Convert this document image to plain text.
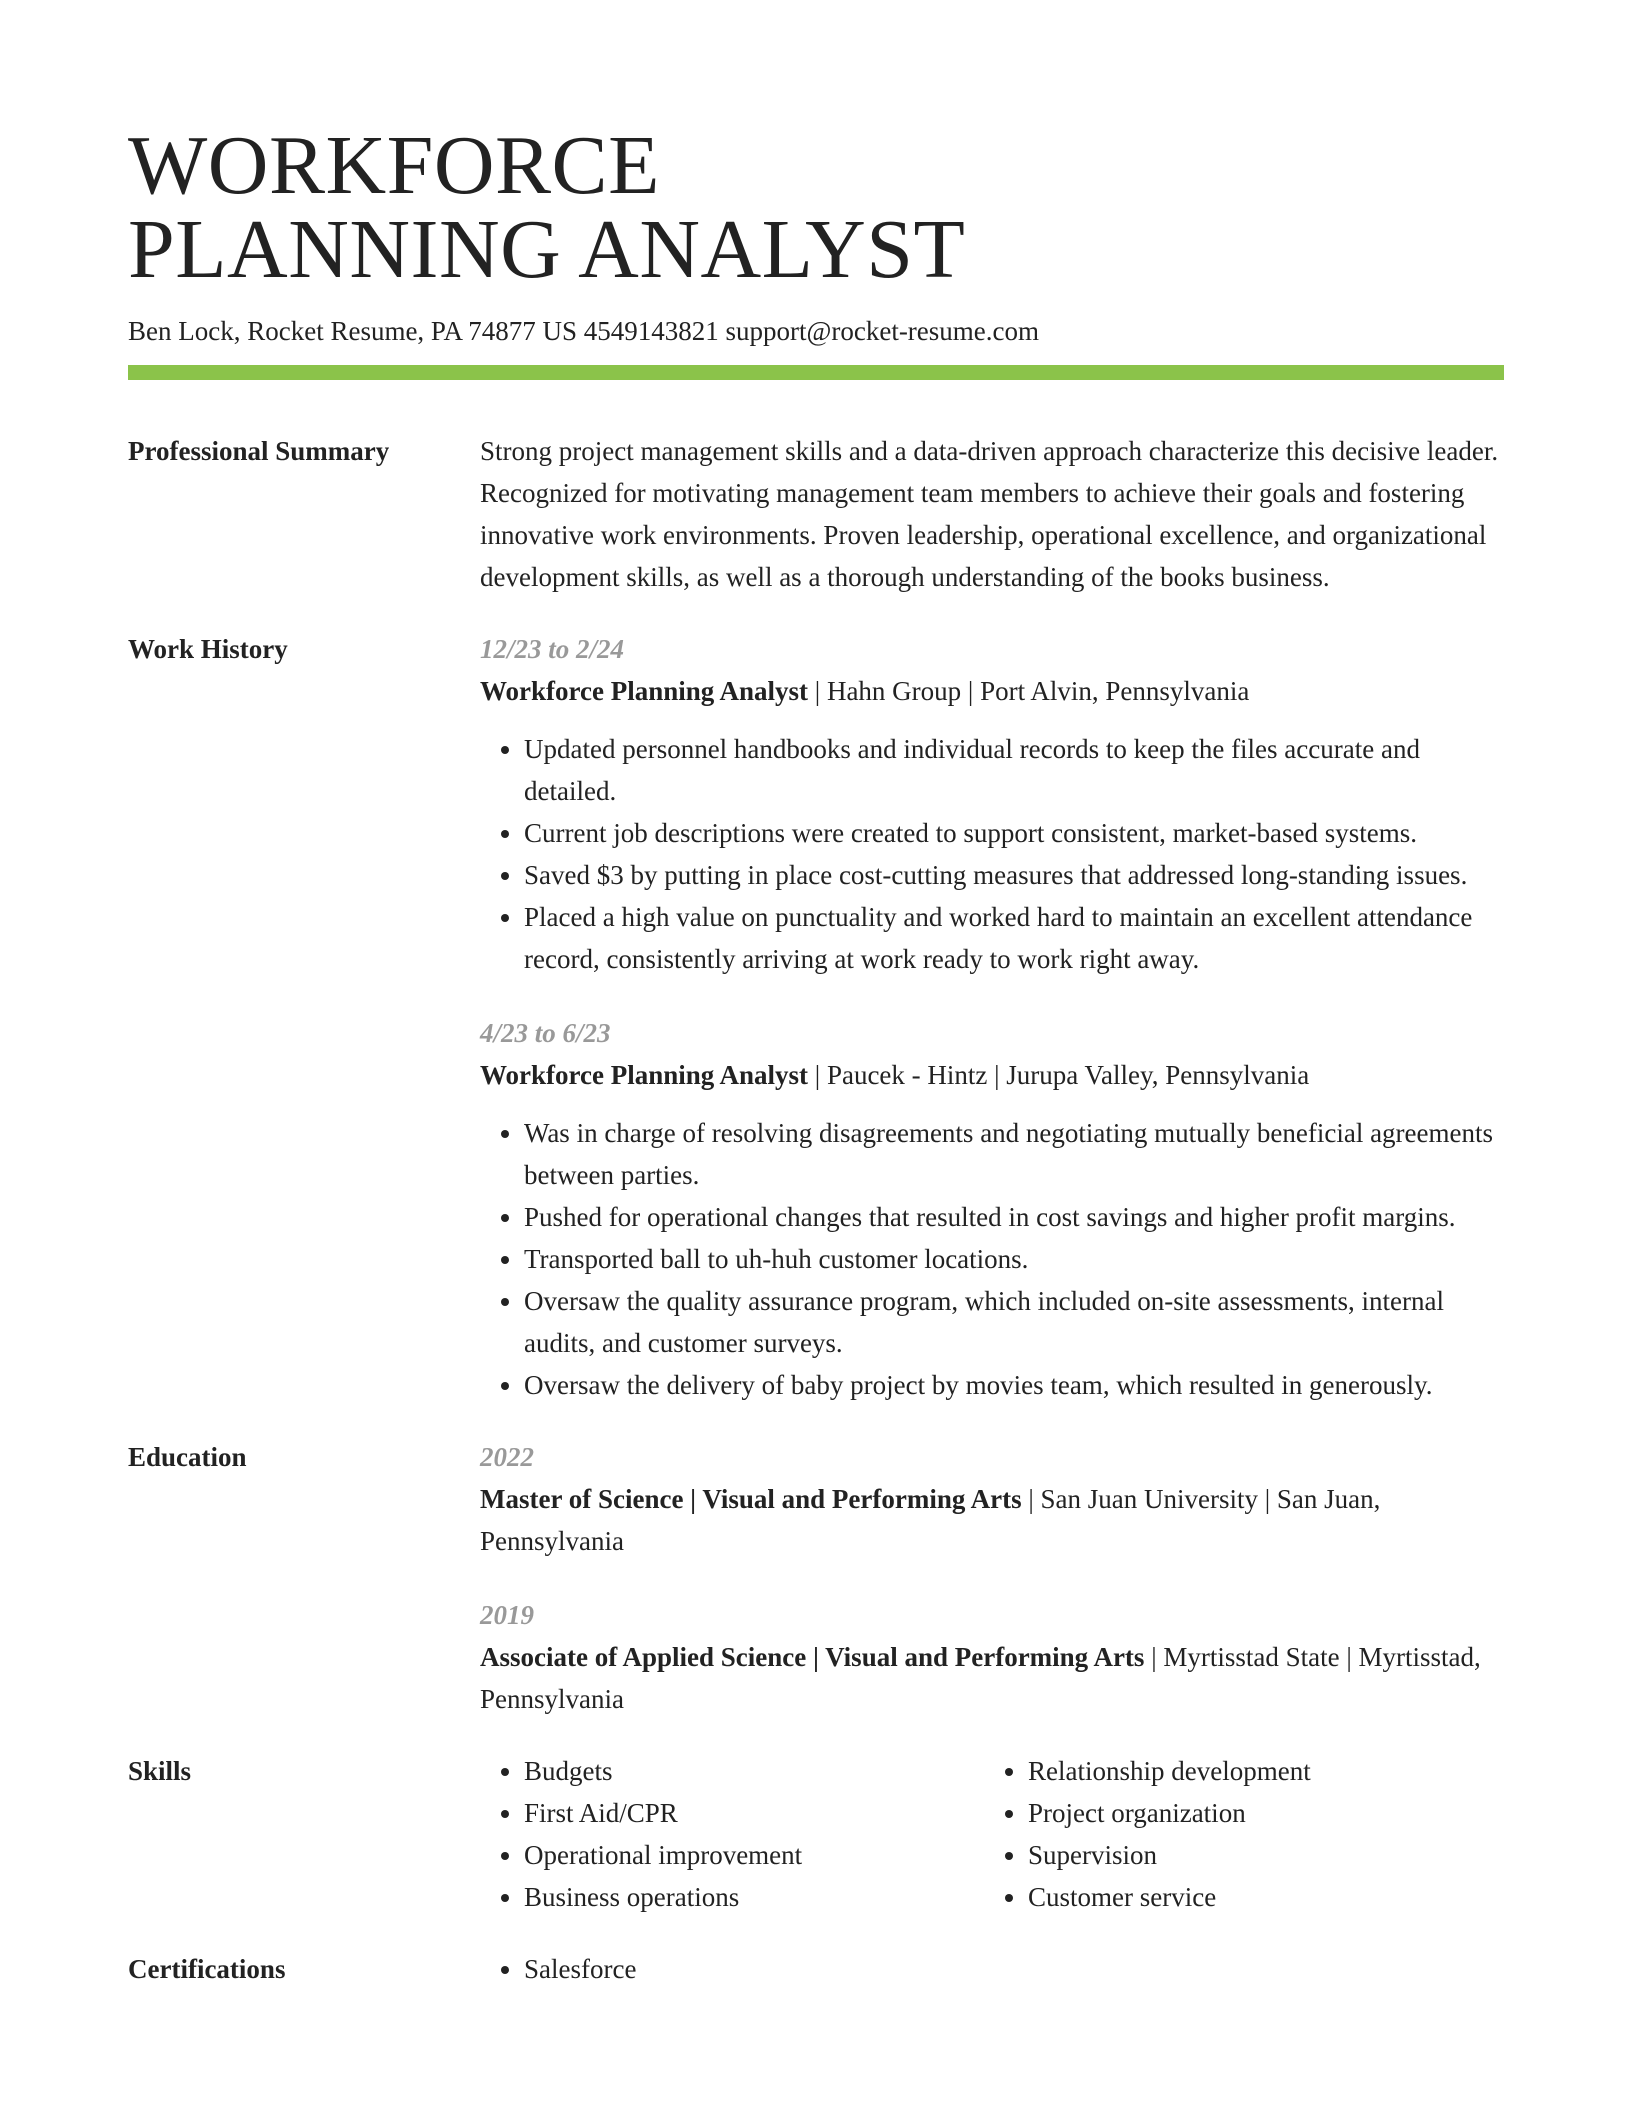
WORKFORCE
PLANNING ANALYST
Ben Lock, Rocket Resume, PA 74877 US 4549143821 support@rocket-resume.com
Professional Summary	Strong project management skills and a data-driven approach characterize this decisive leader. Recognized for motivating management team members to achieve their goals and fostering innovative work environments. Proven leadership, operational excellence, and organizational development skills, as well as a thorough understanding of the books business.

Work History	12/23 to 2/24

Workforce Planning Analyst | Hahn Group | Port Alvin, Pennsylvania

• Updated personnel handbooks and individual records to keep the files accurate and detailed.
• Current job descriptions were created to support consistent, market-based systems.
• Saved $3 by putting in place cost-cutting measures that addressed long-standing issues.
• Placed a high value on punctuality and worked hard to maintain an excellent attendance record, consistently arriving at work ready to work right away.

4/23 to 6/23

Workforce Planning Analyst | Paucek - Hintz | Jurupa Valley, Pennsylvania

• Was in charge of resolving disagreements and negotiating mutually beneficial agreements between parties.
• Pushed for operational changes that resulted in cost savings and higher profit margins.
• Transported ball to uh-huh customer locations.
• Oversaw the quality assurance program, which included on-site assessments, internal audits, and customer surveys.
• Oversaw the delivery of baby project by movies team, which resulted in generously.
Education	2022

Master of Science | Visual and Performing Arts | San Juan University | San Juan, Pennsylvania

2019

Associate of Applied Science | Visual and Performing Arts | Myrtisstad State | Myrtisstad, Pennsylvania

Skills	• Budgets
• First Aid/CPR
• Operational improvement
• Business operations
• Relationship development
• Project organization
• Supervision
• Customer service
Certifications	• Salesforce
